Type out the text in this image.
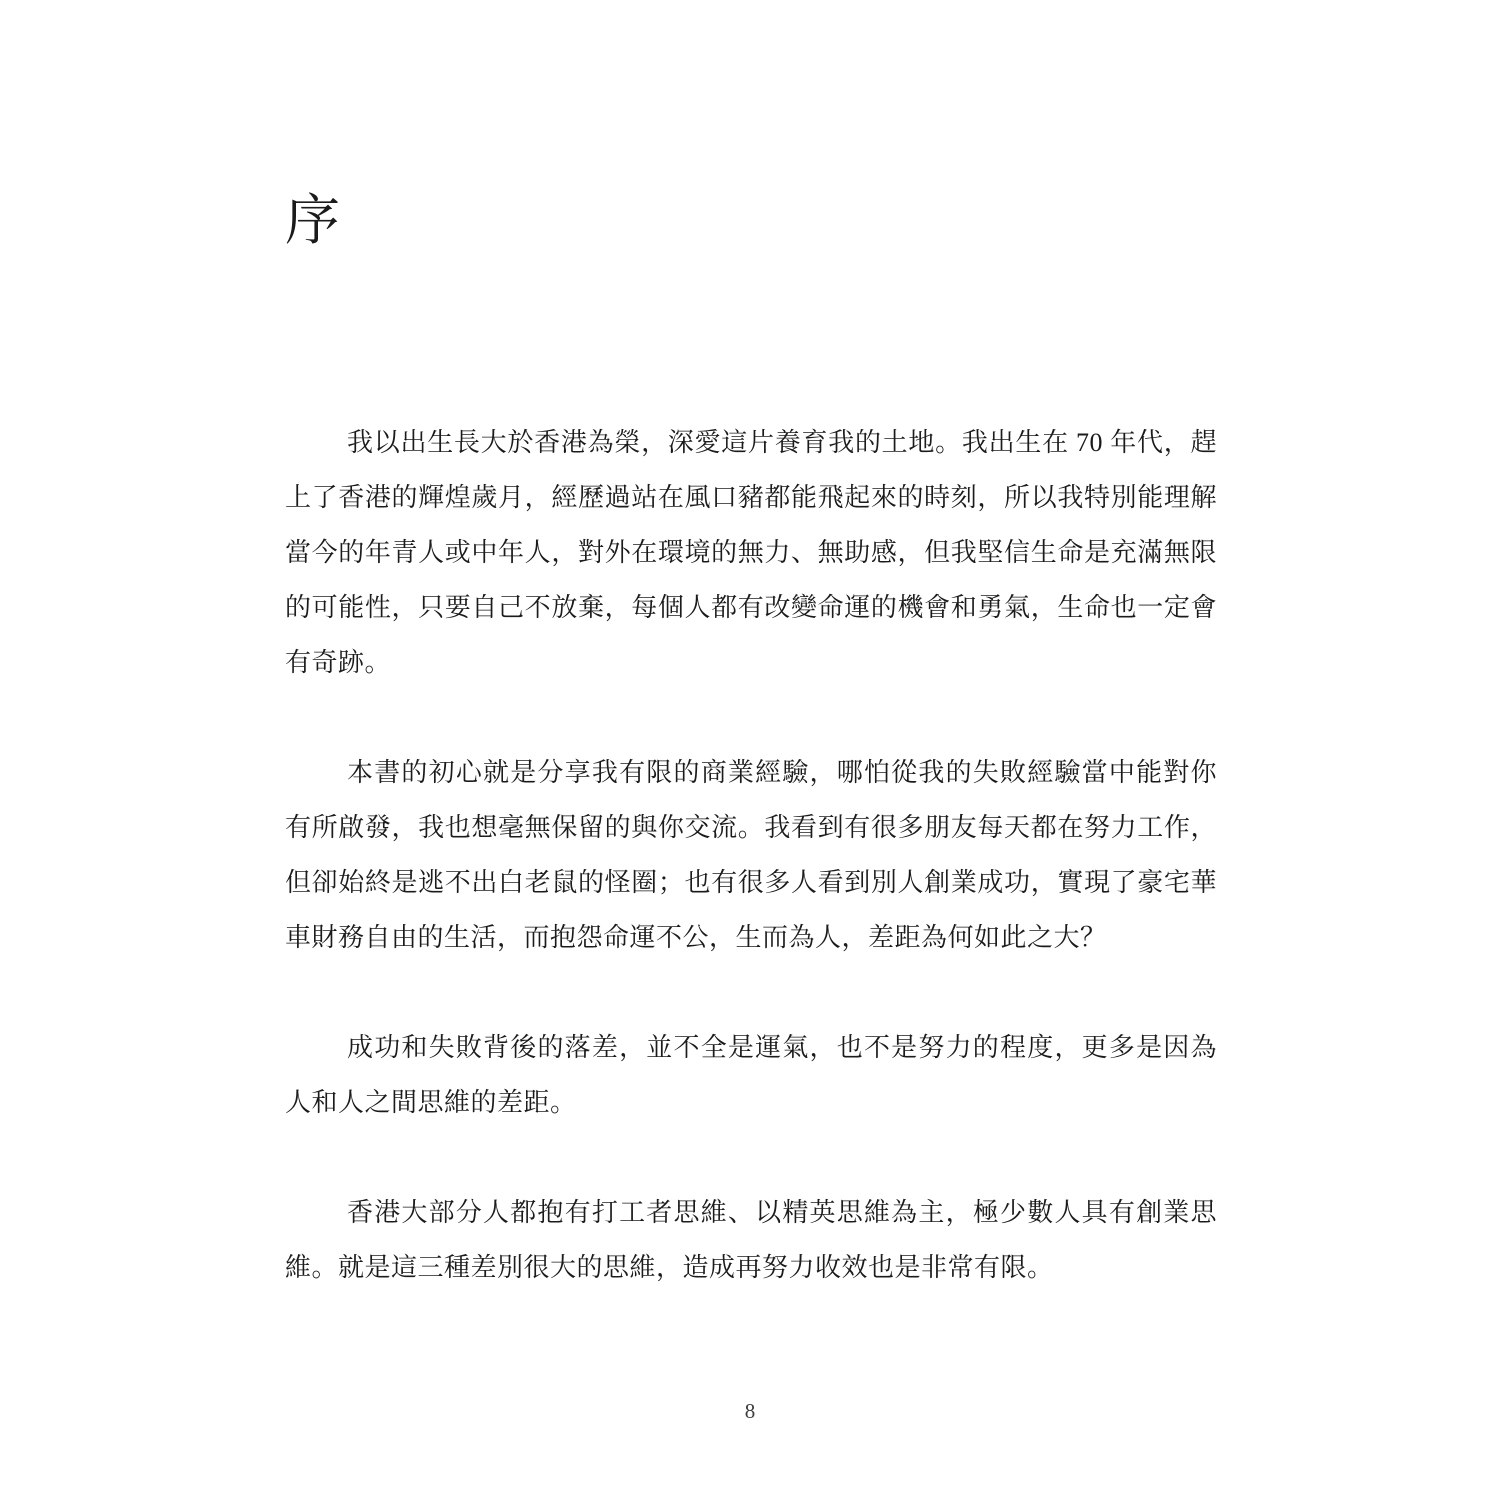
序

我以出生長大於香港為榮，深愛這片養育我的土地。我出生在 70 年代，趕
上了香港的輝煌歲月，經歷過站在風口豬都能飛起來的時刻，所以我特別能理解
當今的年青人或中年人，對外在環境的無力、無助感，但我堅信生命是充滿無限
的可能性，只要自己不放棄，每個人都有改變命運的機會和勇氣，生命也一定會
有奇跡。

本書的初心就是分享我有限的商業經驗，哪怕從我的失敗經驗當中能對你
有所啟發，我也想毫無保留的與你交流。我看到有很多朋友每天都在努力工作，
但卻始終是逃不出白老鼠的怪圈；也有很多人看到別人創業成功，實現了豪宅華
車財務自由的生活，而抱怨命運不公，生而為人，差距為何如此之大？

成功和失敗背後的落差，並不全是運氣，也不是努力的程度，更多是因為
人和人之間思維的差距。

香港大部分人都抱有打工者思維、以精英思維為主，極少數人具有創業思
維。就是這三種差別很大的思維，造成再努力收效也是非常有限。

8
